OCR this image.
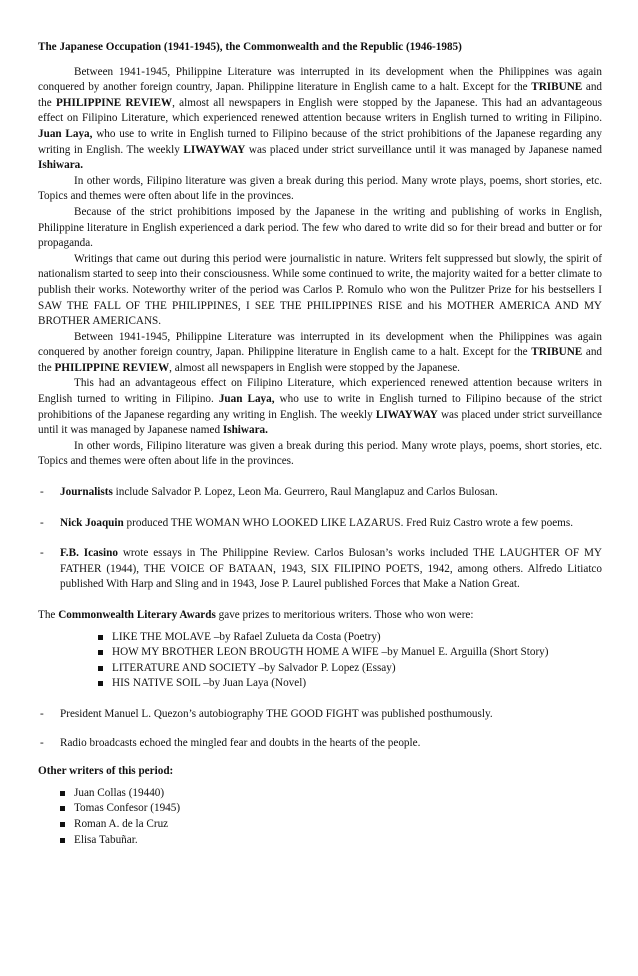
The Japanese Occupation (1941-1945), the Commonwealth and the Republic (1946-1985)

Between 1941-1945, Philippine Literature was interrupted in its development when the Philippines was again conquered by another foreign country, Japan. Philippine literature in English came to a halt. Except for the TRIBUNE and the PHILIPPINE REVIEW, almost all newspapers in English were stopped by the Japanese. This had an advantageous effect on Filipino Literature, which experienced renewed attention because writers in English turned to writing in Filipino. Juan Laya, who use to write in English turned to Filipino because of the strict prohibitions of the Japanese regarding any writing in English. The weekly LIWAYWAY was placed under strict surveillance until it was managed by Japanese named Ishiwara.

In other words, Filipino literature was given a break during this period. Many wrote plays, poems, short stories, etc. Topics and themes were often about life in the provinces.

Because of the strict prohibitions imposed by the Japanese in the writing and publishing of works in English, Philippine literature in English experienced a dark period. The few who dared to write did so for their bread and butter or for propaganda.

Writings that came out during this period were journalistic in nature. Writers felt suppressed but slowly, the spirit of nationalism started to seep into their consciousness. While some continued to write, the majority waited for a better climate to publish their works. Noteworthy writer of the period was Carlos P. Romulo who won the Pulitzer Prize for his bestsellers I SAW THE FALL OF THE PHILIPPINES, I SEE THE PHILIPPINES RISE and his MOTHER AMERICA AND MY BROTHER AMERICANS.

Between 1941-1945, Philippine Literature was interrupted in its development when the Philippines was again conquered by another foreign country, Japan. Philippine literature in English came to a halt. Except for the TRIBUNE and the PHILIPPINE REVIEW, almost all newspapers in English were stopped by the Japanese.

This had an advantageous effect on Filipino Literature, which experienced renewed attention because writers in English turned to writing in Filipino. Juan Laya, who use to write in English turned to Filipino because of the strict prohibitions of the Japanese regarding any writing in English. The weekly LIWAYWAY was placed under strict surveillance until it was managed by Japanese named Ishiwara.

In other words, Filipino literature was given a break during this period. Many wrote plays, poems, short stories, etc. Topics and themes were often about life in the provinces.

-	Journalists include Salvador P. Lopez, Leon Ma. Geurrero, Raul Manglapuz and Carlos Bulosan.
-	Nick Joaquin produced THE WOMAN WHO LOOKED LIKE LAZARUS. Fred Ruiz Castro wrote a few poems.
-	F.B. Icasino wrote essays in The Philippine Review. Carlos Bulosan’s works included THE LAUGHTER OF MY FATHER (1944), THE VOICE OF BATAAN, 1943, SIX FILIPINO POETS, 1942, among others. Alfredo Litiatco published With Harp and Sling and in 1943, Jose P. Laurel published Forces that Make a Nation Great.

The Commonwealth Literary Awards gave prizes to meritorious writers. Those who won were:

LIKE THE MOLAVE –by Rafael Zulueta da Costa (Poetry)
HOW MY BROTHER LEON BROUGTH HOME A WIFE –by Manuel E. Arguilla (Short Story)
LITERATURE AND SOCIETY –by Salvador P. Lopez (Essay)
HIS NATIVE SOIL –by Juan Laya (Novel)
-	President Manuel L. Quezon’s autobiography THE GOOD FIGHT was published posthumously.
-	Radio broadcasts echoed the mingled fear and doubts in the hearts of the people.

Other writers of this period:

Juan Collas (19440)
Tomas Confesor (1945)
Roman A. de la Cruz
Elisa Tabuñar.
